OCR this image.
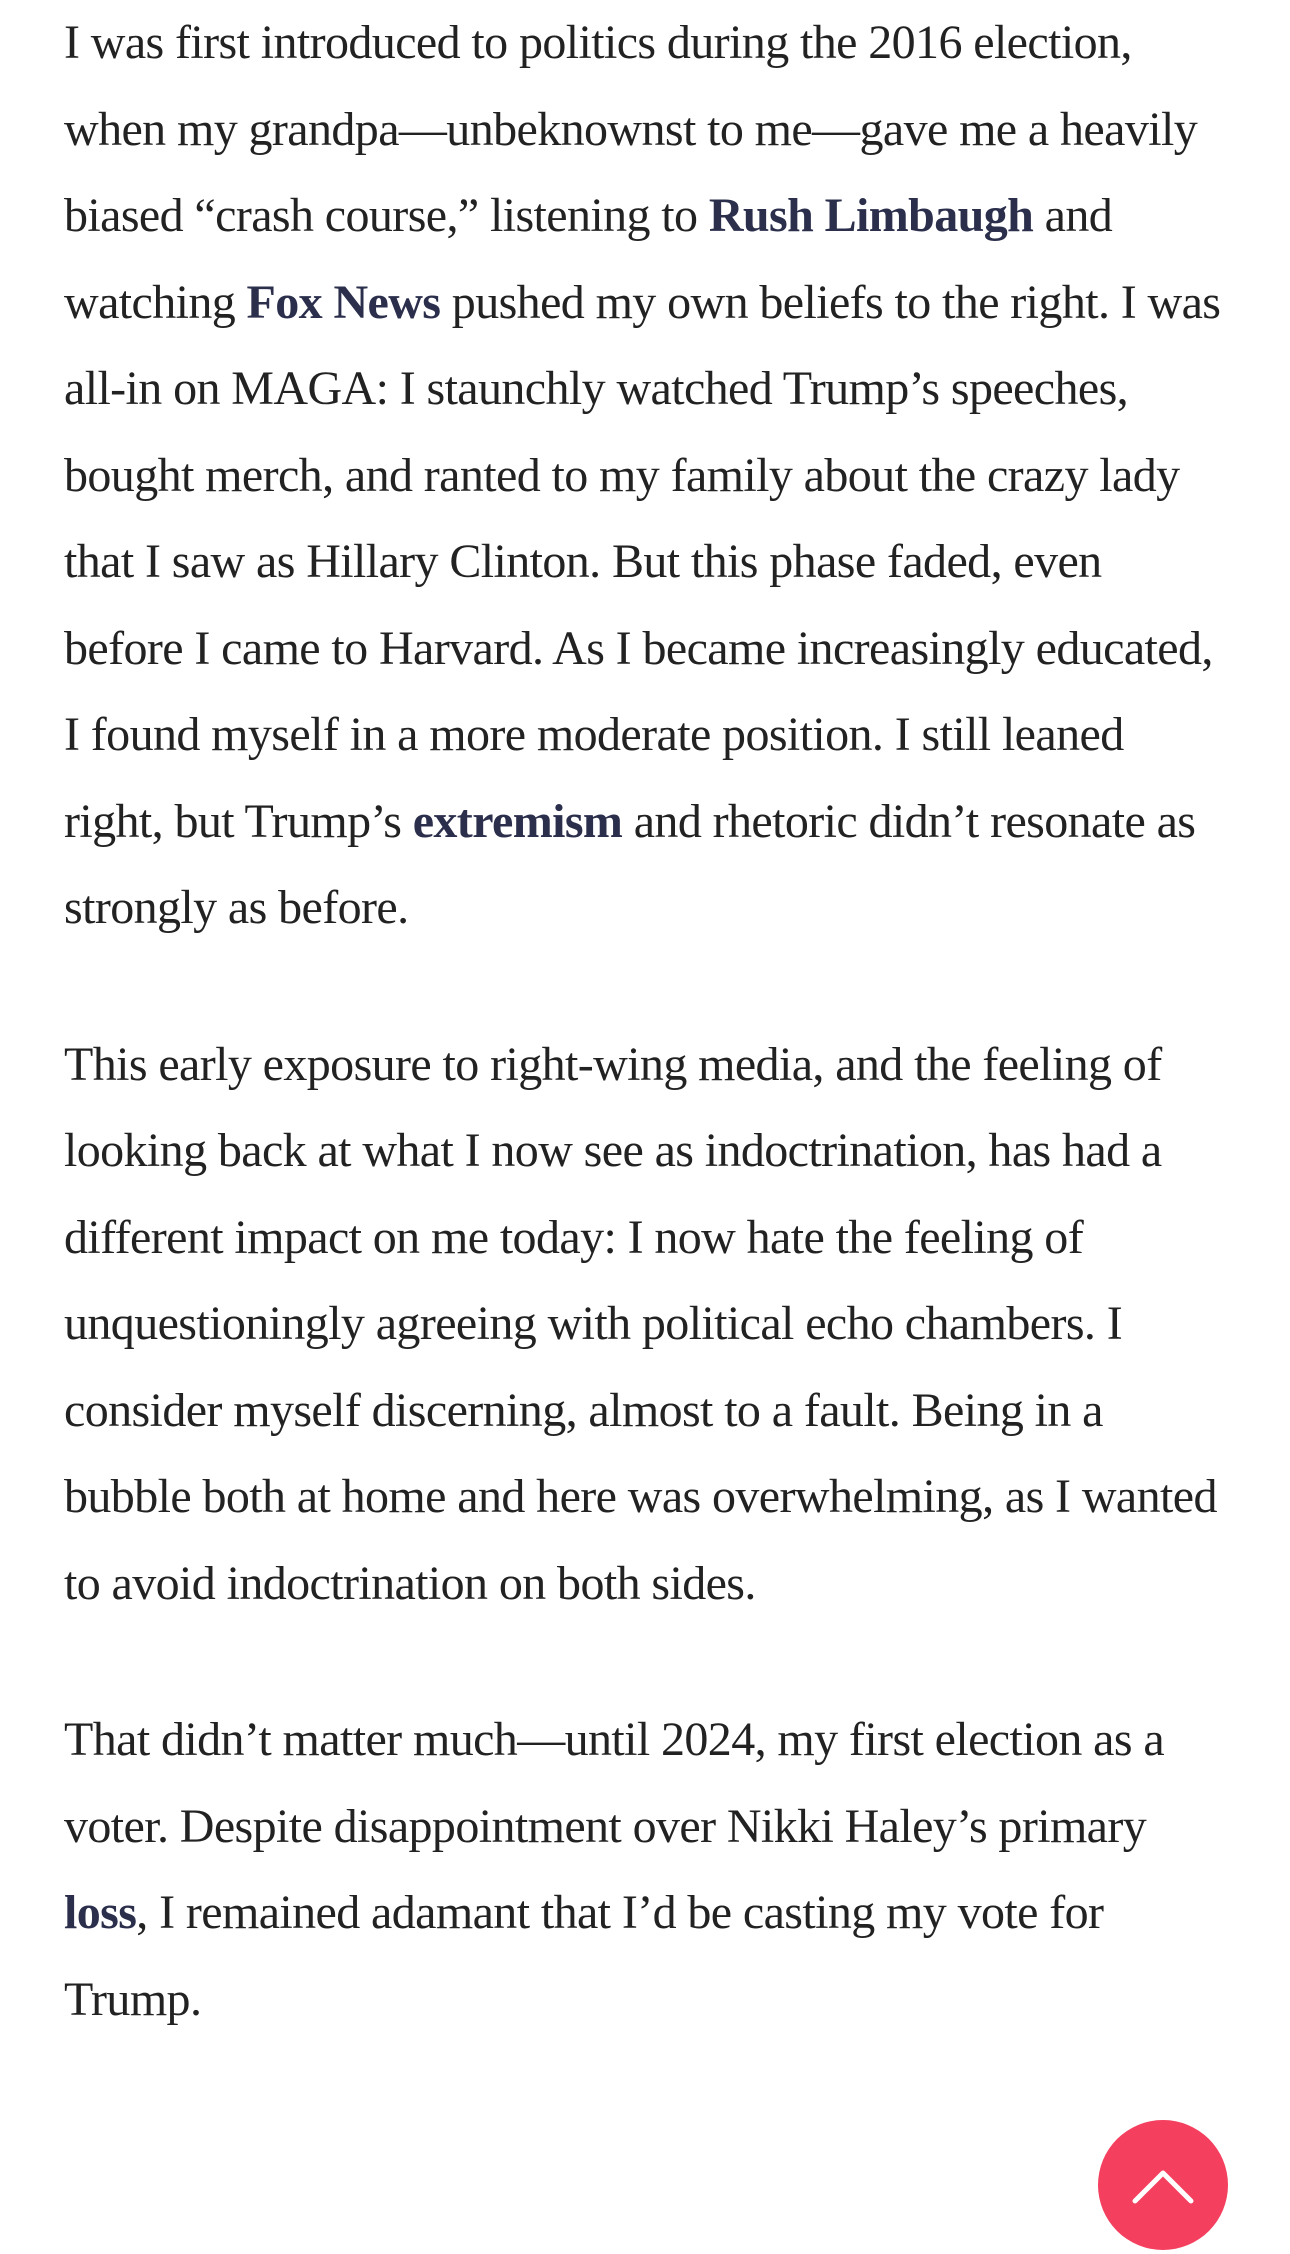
I was first introduced to politics during the 2016 election, when my grandpa—unbeknownst to me—gave me a heavily biased “crash course,” listening to Rush Limbaugh and watching Fox News pushed my own beliefs to the right. I was all-in on MAGA: I staunchly watched Trump’s speeches, bought merch, and ranted to my family about the crazy lady that I saw as Hillary Clinton. But this phase faded, even before I came to Harvard. As I became increasingly educated, I found myself in a more moderate position. I still leaned right, but Trump’s extremism and rhetoric didn’t resonate as strongly as before.

This early exposure to right-wing media, and the feeling of looking back at what I now see as indoctrination, has had a different impact on me today: I now hate the feeling of unquestioningly agreeing with political echo chambers. I consider myself discerning, almost to a fault. Being in a bubble both at home and here was overwhelming, as I wanted to avoid indoctrination on both sides.

That didn’t matter much—until 2024, my first election as a voter. Despite disappointment over Nikki Haley’s primary loss, I remained adamant that I’d be casting my vote for Trump.
